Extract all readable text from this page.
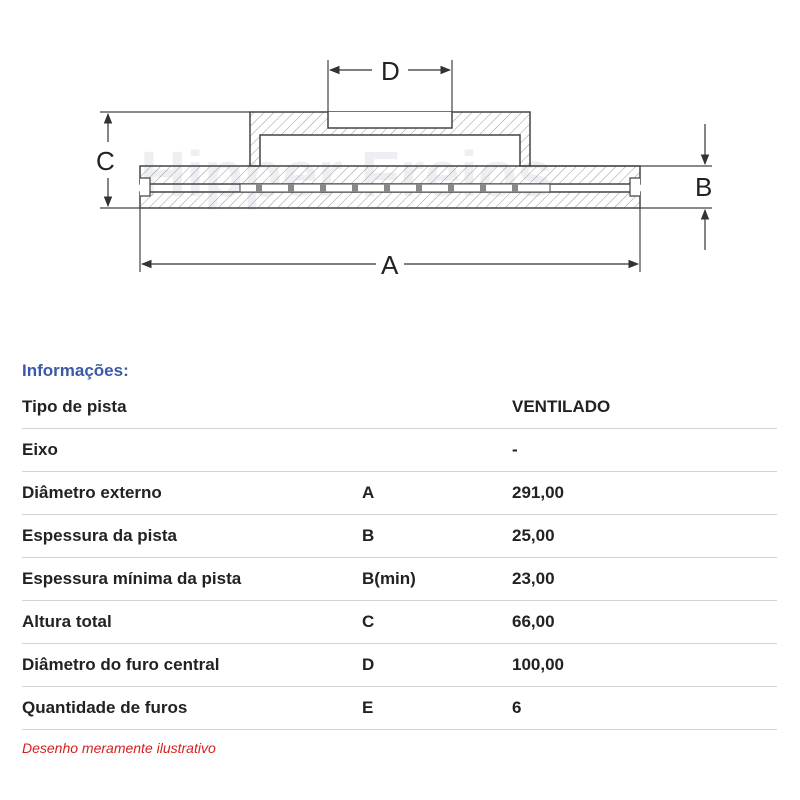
D
C
B
A
Informações:
Tipo de pista		VENTILADO
Eixo		-
Diâmetro externo	A	291,00
Espessura da pista	B	25,00
Espessura mínima da pista	B(min)	23,00
Altura total	C	66,00
Diâmetro do furo central	D	100,00
Quantidade de furos	E	6
Desenho meramente ilustrativo
